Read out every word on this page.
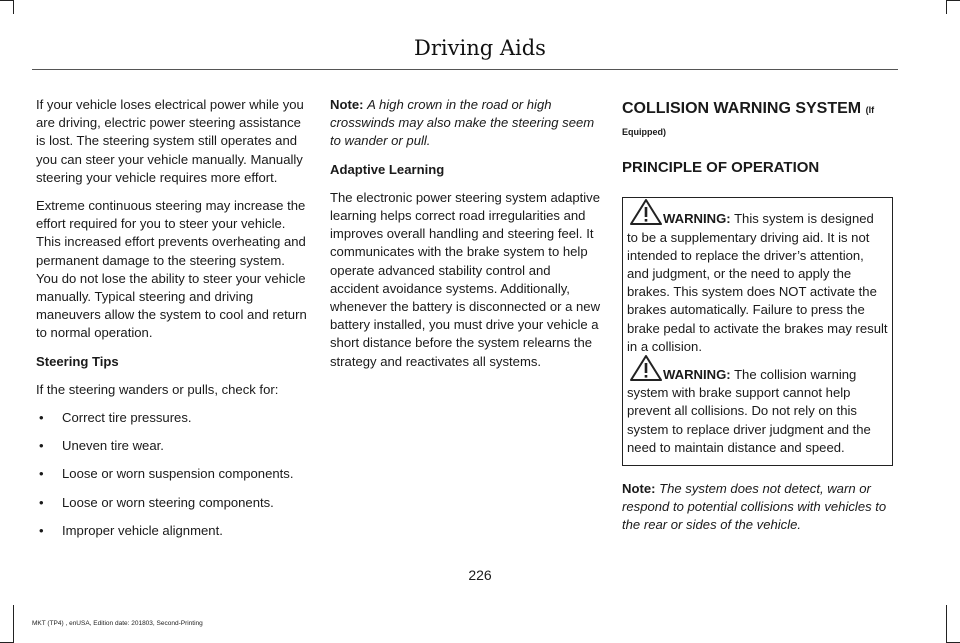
Driving Aids

If your vehicle loses electrical power while you are driving, electric power steering assistance is lost. The steering system still operates and you can steer your vehicle manually. Manually steering your vehicle requires more effort.

Extreme continuous steering may increase the effort required for you to steer your vehicle. This increased effort prevents overheating and permanent damage to the steering system. You do not lose the ability to steer your vehicle manually. Typical steering and driving maneuvers allow the system to cool and return to normal operation.

Steering Tips

If the steering wanders or pulls, check for:

• Correct tire pressures.
• Uneven tire wear.
• Loose or worn suspension components.
• Loose or worn steering components.
• Improper vehicle alignment.

Note: A high crown in the road or high crosswinds may also make the steering seem to wander or pull.

Adaptive Learning

The electronic power steering system adaptive learning helps correct road irregularities and improves overall handling and steering feel. It communicates with the brake system to help operate advanced stability control and accident avoidance systems. Additionally, whenever the battery is disconnected or a new battery installed, you must drive your vehicle a short distance before the system relearns the strategy and reactivates all systems.

COLLISION WARNING SYSTEM (If
Equipped)
PRINCIPLE OF OPERATION

WARNING: This system is designed to be a supplementary driving aid. It is not intended to replace the driver’s attention, and judgment, or the need to apply the brakes. This system does NOT activate the brakes automatically. Failure to press the brake pedal to activate the brakes may result in a collision.

WARNING: The collision warning system with brake support cannot help prevent all collisions. Do not rely on this system to replace driver judgment and the need to maintain distance and speed.

Note: The system does not detect, warn or respond to potential collisions with vehicles to the rear or sides of the vehicle.

226
MKT (TP4) , enUSA, Edition date: 201803, Second-Printing
